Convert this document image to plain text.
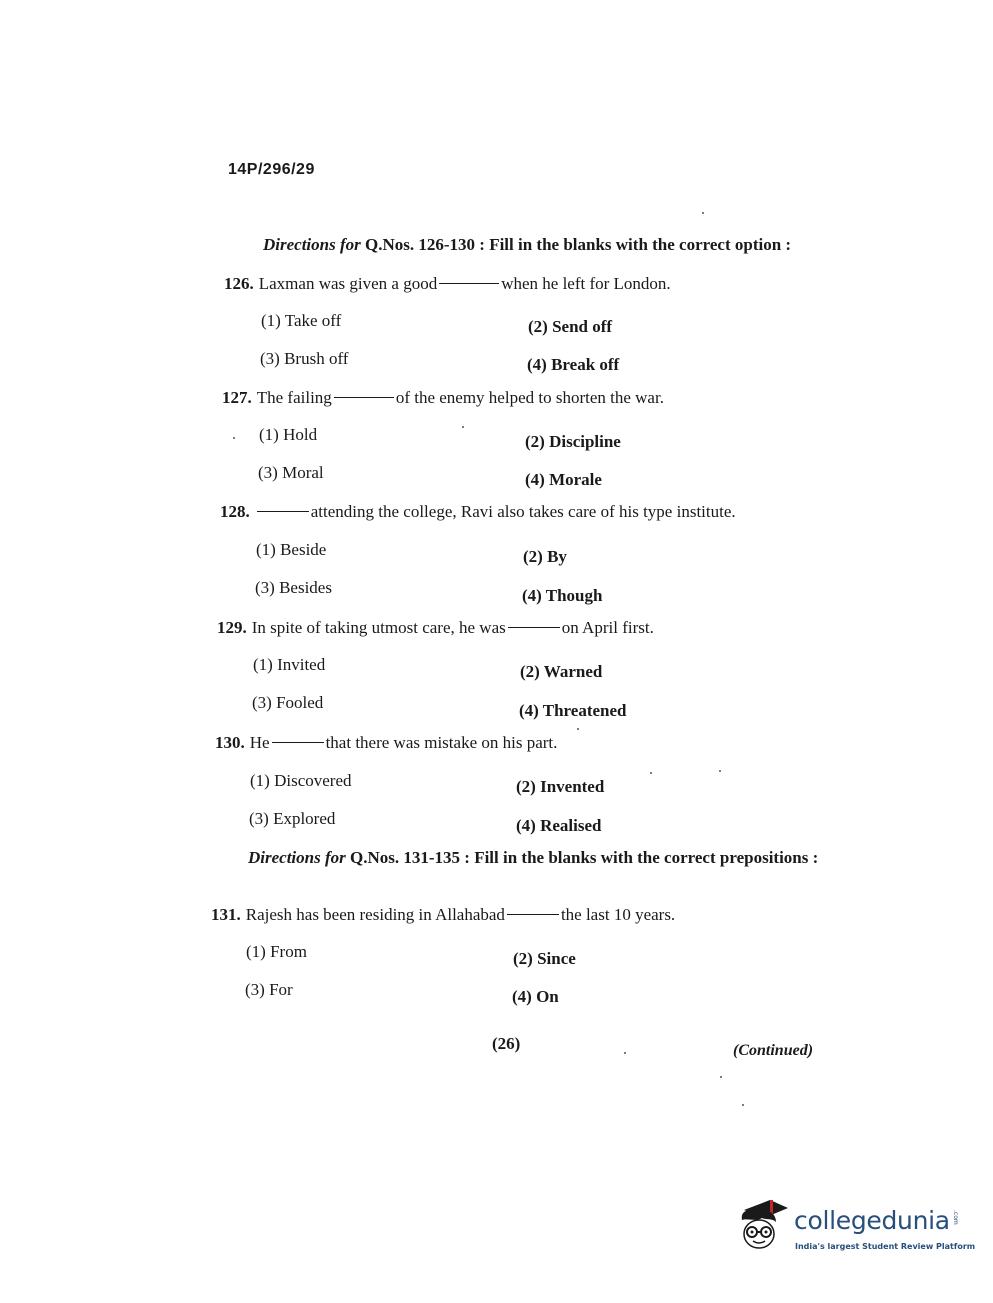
14P/296/29
Directions for Q.Nos. 126-130 : Fill in the blanks with the correct option :
126. Laxman was given a good	when he left for London.
(1) Take off	(2) Send off
(3) Brush off	(4) Break off
127. The failing	of the enemy helped to shorten the war.
(1) Hold	(2) Discipline
(3) Moral	(4) Morale
128.	attending the college, Ravi also takes care of his type institute.
(1) Beside	(2) By
(3) Besides	(4) Though
129. In spite of taking utmost care, he was	on April first.
(1) Invited	(2) Warned
(3) Fooled	(4) Threatened
130. He	that there was mistake on his part.
(1) Discovered	(2) Invented
(3) Explored	(4) Realised
Directions for Q.Nos. 131-135 : Fill in the blanks with the correct prepositions :
131. Rajesh has been residing in Allahabad	the last 10 years.
(1) From	(2) Since
(3) For	(4) On
(26)	(Continued)
collegedunia .com
India's largest Student Review Platform
